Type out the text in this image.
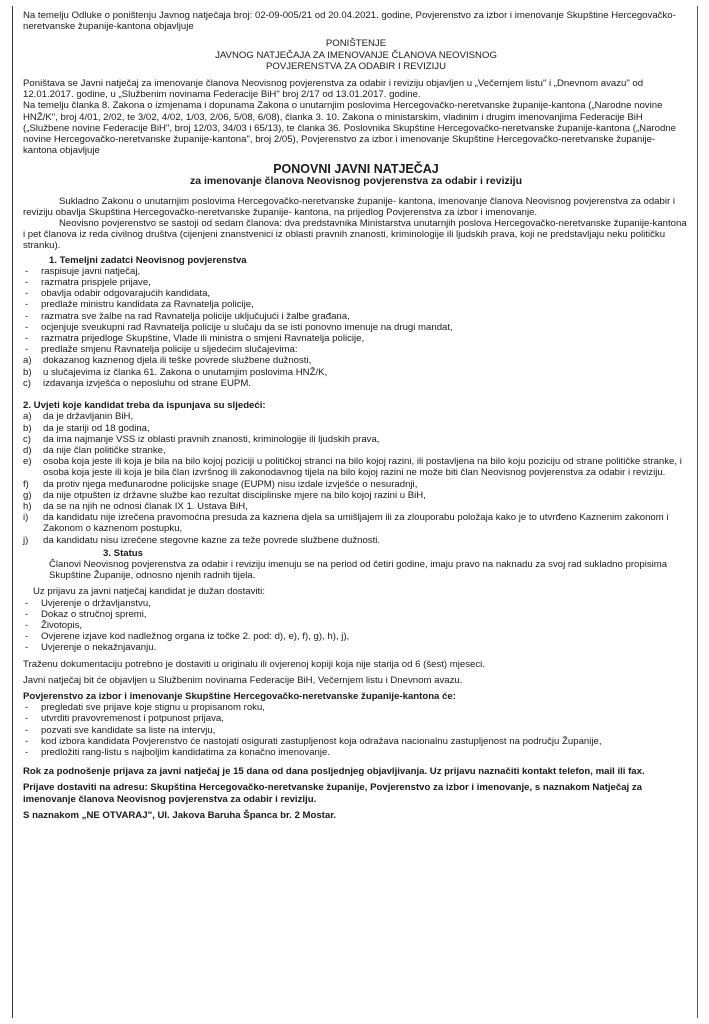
Na temelju Odluke o poništenju Javnog natječaja broj: 02-09-005/21 od 20.04.2021. godine, Povjerenstvo za izbor i imenovanje Skupštine Hercegovačko-neretvanske županije-kantona objavljuje

PONIŠTENJE

JAVNOG NATJEČAJA ZA IMENOVANJE ČLANOVA NEOVISNOG

POVJERENSTVA ZA ODABIR I REVIZIJU

Poništava se Javni natječaj za imenovanje članova Neovisnog povjerenstva za odabir i reviziju objavljen u „Večernjem listu" i „Dnevnom avazu" od 12.01.2017. godine, u „Službenim novinama Federacije BiH" broj 2/17 od 13.01.2017. godine.

Na temelju članka 8. Zakona o izmjenama i dopunama Zakona o unutarnjim poslovima Hercegovačko-neretvanske županije-kantona („Narodne novine HNŽ/K", broj 4/01, 2/02, te 3/02, 4/02, 1/03, 2/06, 5/08, 6/08), članka 3. 10. Zakona o ministarskim, vladinim i drugim imenovanjima Federacije BiH („Službene novine Federacije BiH", broj 12/03, 34/03 i 65/13), te članka 36. Poslovnika Skupštine Hercegovačko-neretvanske županije-kantona („Narodne novine Hercegovačko-neretvanske županije-kantona", broj 2/05), Povjerenstvo za izbor i imenovanje Skupštine Hercegovačko-neretvanske županije-kantona objavljuje

PONOVNI JAVNI NATJEČAJ

za imenovanje članova Neovisnog povjerenstva za odabir i reviziju

Sukladno Zakonu o unutarnjim poslovima Hercegovačko-neretvanske županije- kantona, imenovanje članova Neovisnog povjerenstva za odabir i reviziju obavlja Skupština Hercegovačko-neretvanske županije- kantona, na prijedlog Povjerenstva za izbor i imenovanje.

Neovisno povjerenstvo se sastoji od sedam članova: dva predstavnika Ministarstva unutarnjih poslova Hercegovačko-neretvanske županije-kantona i pet članova iz reda civilnog društva (cijenjeni znanstvenici iz oblasti pravnih znanosti, kriminologije ili ljudskih prava, koji ne predstavljaju neku političku stranku).

1. Temeljni zadatci Neovisnog povjerenstva

- raspisuje javni natječaj,
- razmatra prispjele prijave,
- obavlja odabir odgovarajućih kandidata,
- predlaže ministru kandidata za Ravnatelja policije,
- razmatra sve žalbe na rad Ravnatelja policije uključujući i žalbe građana,
- ocjenjuje sveukupni rad Ravnatelja policije u slučaju da se isti ponovno imenuje na drugi mandat,
- razmatra prijedloge Skupštine, Vlade ili ministra o smjeni Ravnatelja policije,
- predlaže smjenu Ravnatelja policije u sljedećim slučajevima:
a) dokazanog kaznenog djela ili teške povrede službene dužnosti,
b) u slučajevima iz članka 61. Zakona o unutarnjim poslovima HNŽ/K,
c) izdavanja izvješća o neposluhu od strane EUPM.

2. Uvjeti koje kandidat treba da ispunjava su sljedeći:

a) da je državljanin BiH,
b) da je stariji od 18 godina,
c) da ima najmanje VSS iz oblasti pravnih znanosti, kriminologije ili ljudskih prava,
d) da nije član političke stranke,
e) osoba koja jeste ili koja je bila na bilo kojoj poziciji u političkoj stranci na bilo kojoj razini, ili postavljena na bilo koju poziciju od strane političke stranke, i osoba koja jeste ili koja je bila član izvršnog ili zakonodavnog tijela na bilo kojoj razini ne može biti član Neovisnog povjerenstva za odabir i reviziju.
f) da protiv njega međunarodne policijske snage (EUPM) nisu izdale izvješće o nesuradnji,
g) da nije otpušten iz državne službe kao rezultat disciplinske mjere na bilo kojoj razini u BiH,
h) da se na njih ne odnosi članak IX 1. Ustava BiH,
i) da kandidatu nije izrečena pravomoćna presuda za kaznena djela sa umišljajem ili za zlouporabu položaja kako je to utvrđeno Kaznenim zakonom i Zakonom o kaznenom postupku,
j) da kandidatu nisu izrečene stegovne kazne za teže povrede službene dužnosti.

3. Status

Članovi Neovisnog povjerenstva za odabir i reviziju imenuju se na period od četiri godine, imaju pravo na naknadu za svoj rad sukladno propisima Skupštine Županije, odnosno njenih radnih tijela.

Uz prijavu za javni natječaj kandidat je dužan dostaviti:

- Uvjerenje o državljanstvu,
- Dokaz o stručnoj spremi,
- Životopis,
- Ovjerene izjave kod nadležnog organa iz točke 2. pod: d), e), f), g), h), j),
- Uvjerenje o nekažnjavanju.

Traženu dokumentaciju potrebno je dostaviti u originalu ili ovjerenoj kopiji koja nije starija od 6 (šest) mjeseci.

Javni natječaj bit će objavljen u Službenim novinama Federacije BiH, Večernjem listu i Dnevnom avazu.

Povjerenstvo za izbor i imenovanje Skupštine Hercegovačko-neretvanske županije-kantona će:

- pregledati sve prijave koje stignu u propisanom roku,
- utvrditi pravovremenost i potpunost prijava,
- pozvati sve kandidate sa liste na intervju,
- kod izbora kandidata Povjerenstvo će nastojati osigurati zastupljenost koja odražava nacionalnu zastupljenost na području Županije,
- predložiti rang-listu s najboljim kandidatima za konačno imenovanje.

Rok za podnošenje prijava za javni natječaj je 15 dana od dana posljednjeg objavljivanja. Uz prijavu naznačiti kontakt telefon, mail ili fax.

Prijave dostaviti na adresu: Skupština Hercegovačko-neretvanske županije, Povjerenstvo za izbor i imenovanje, s naznakom Natječaj za imenovanje članova Neovisnog povjerenstva za odabir i reviziju.

S naznakom „NE OTVARAJ", Ul. Jakova Baruha Španca br. 2 Mostar.
